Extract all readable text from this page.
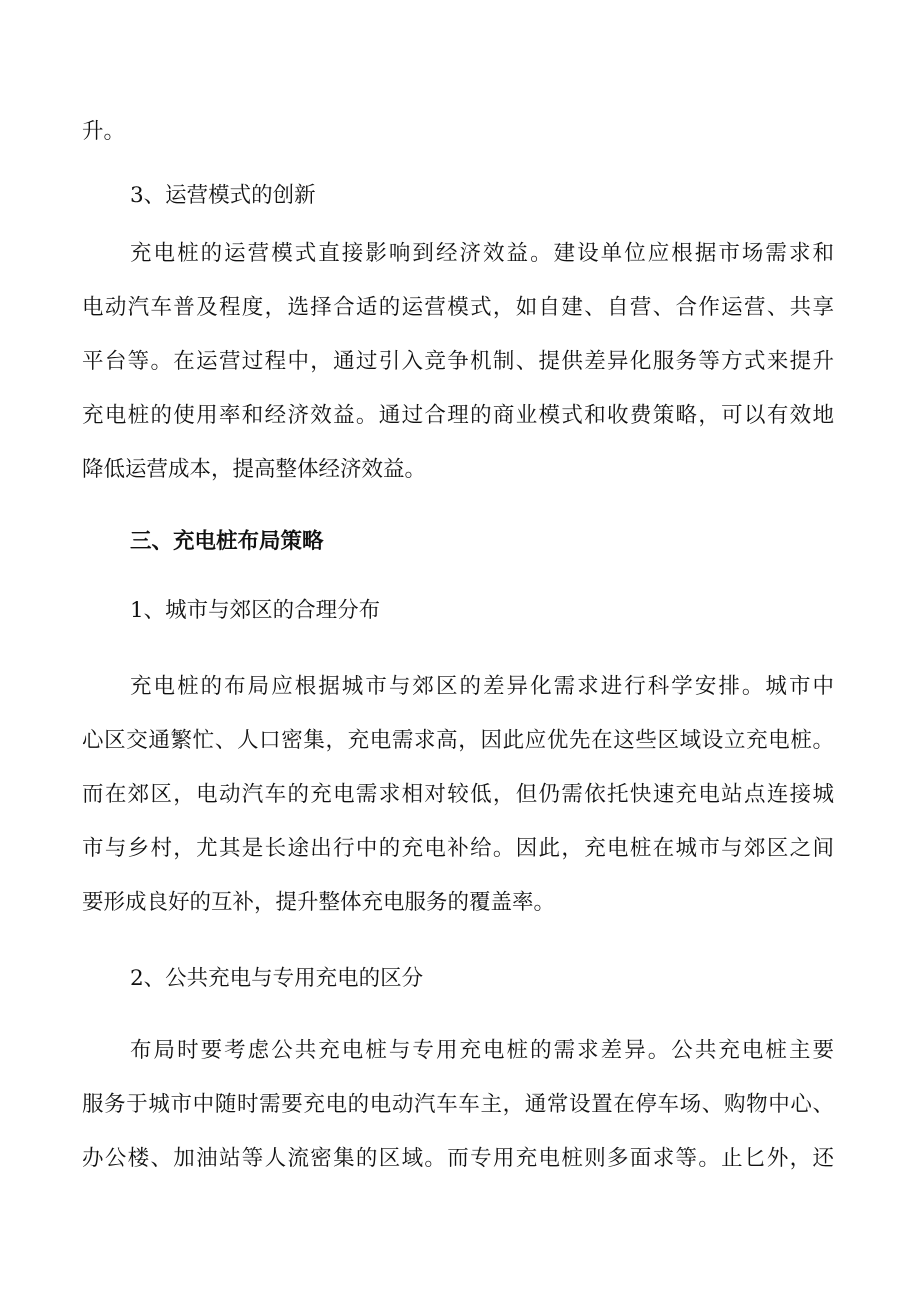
升。
3、运营模式的创新
充电桩的运营模式直接影响到经济效益。建设单位应根据市场需求和
电动汽车普及程度，选择合适的运营模式，如自建、自营、合作运营、共享
平台等。在运营过程中，通过引入竞争机制、提供差异化服务等方式来提升
充电桩的使用率和经济效益。通过合理的商业模式和收费策略，可以有效地
降低运营成本，提高整体经济效益。
三、充电桩布局策略
1、城市与郊区的合理分布
充电桩的布局应根据城市与郊区的差异化需求进行科学安排。城市中
心区交通繁忙、人口密集，充电需求高，因此应优先在这些区域设立充电桩。
而在郊区，电动汽车的充电需求相对较低，但仍需依托快速充电站点连接城
市与乡村，尤其是长途出行中的充电补给。因此，充电桩在城市与郊区之间
要形成良好的互补，提升整体充电服务的覆盖率。
2、公共充电与专用充电的区分
布局时要考虑公共充电桩与专用充电桩的需求差异。公共充电桩主要
服务于城市中随时需要充电的电动汽车车主，通常设置在停车场、购物中心、
办公楼、加油站等人流密集的区域。而专用充电桩则多面求等。止匕外，还
